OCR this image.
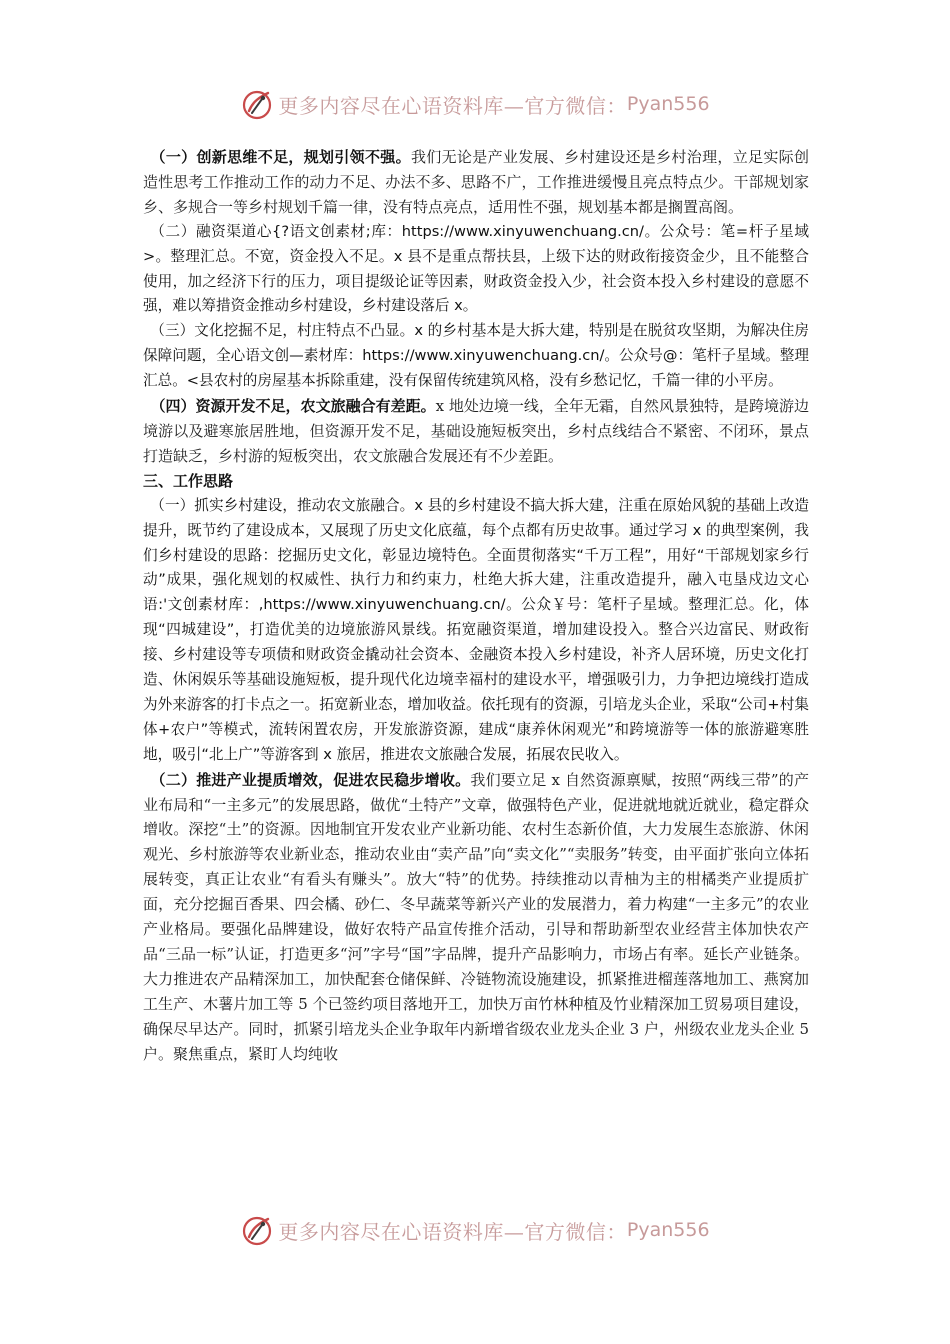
更多内容尽在心语资料库—官方微信： Pyan556

（一）创新思维不足，规划引领不强。我们无论是产业发展、乡村建设还是乡村治理，立足实际创造性思考工作推动工作的动力不足、办法不多、思路不广，工作推进缓慢且亮点特点少。干部规划家乡、多规合一等乡村规划千篇一律，没有特点亮点，适用性不强，规划基本都是搁置高阁。

（二）融资渠道心{?语文创素材;库：https://www.xinyuwenchuang.cn/。公众号：笔=杆子星域>。整理汇总。不宽，资金投入不足。x 县不是重点帮扶县，上级下达的财政衔接资金少，且不能整合使用，加之经济下行的压力，项目提级论证等因素，财政资金投入少，社会资本投入乡村建设的意愿不强，难以筹措资金推动乡村建设，乡村建设落后 x。

（三）文化挖掘不足，村庄特点不凸显。x 的乡村基本是大拆大建，特别是在脱贫攻坚期，为解决住房保障问题，全心语文创—素材库：https://www.xinyuwenchuang.cn/。公众号@：笔杆子星域。整理汇总。<县农村的房屋基本拆除重建，没有保留传统建筑风格，没有乡愁记忆，千篇一律的小平房。

（四）资源开发不足，农文旅融合有差距。x 地处边境一线，全年无霜，自然风景独特，是跨境游边境游以及避寒旅居胜地，但资源开发不足，基础设施短板突出，乡村点线结合不紧密、不闭环，景点打造缺乏，乡村游的短板突出，农文旅融合发展还有不少差距。

三、工作思路

（一）抓实乡村建设，推动农文旅融合。x 县的乡村建设不搞大拆大建，注重在原始风貌的基础上改造提升，既节约了建设成本，又展现了历史文化底蕴，每个点都有历史故事。通过学习 x 的典型案例，我们乡村建设的思路：挖掘历史文化，彰显边境特色。全面贯彻落实“千万工程”，用好“干部规划家乡行动”成果，强化规划的权威性、执行力和约束力，杜绝大拆大建，注重改造提升，融入屯垦戍边文心语:'文创素材库：,https://www.xinyuwenchuang.cn/。公众￥号：笔杆子星域。整理汇总。化，体现“四城建设”，打造优美的边境旅游风景线。拓宽融资渠道，增加建设投入。整合兴边富民、财政衔接、乡村建设等专项债和财政资金撬动社会资本、金融资本投入乡村建设，补齐人居环境，历史文化打造、休闲娱乐等基础设施短板，提升现代化边境幸福村的建设水平，增强吸引力，力争把边境线打造成为外来游客的打卡点之一。拓宽新业态，增加收益。依托现有的资源，引培龙头企业，采取“公司+村集体+农户”等模式，流转闲置农房，开发旅游资源，建成“康养休闲观光”和跨境游等一体的旅游避寒胜地，吸引“北上广”等游客到 x 旅居，推进农文旅融合发展，拓展农民收入。

（二）推进产业提质增效，促进农民稳步增收。我们要立足 x 自然资源禀赋，按照“两线三带”的产业布局和“一主多元”的发展思路，做优“土特产”文章，做强特色产业，促进就地就近就业，稳定群众增收。深挖“土”的资源。因地制宜开发农业产业新功能、农村生态新价值，大力发展生态旅游、休闲观光、乡村旅游等农业新业态，推动农业由“卖产品”向“卖文化”“卖服务”转变，由平面扩张向立体拓展转变，真正让农业“有看头有赚头”。放大“特”的优势。持续推动以青柚为主的柑橘类产业提质扩面，充分挖掘百香果、四会橘、砂仁、冬早蔬菜等新兴产业的发展潜力，着力构建“一主多元”的农业产业格局。要强化品牌建设，做好农特产品宣传推介活动，引导和帮助新型农业经营主体加快农产品“三品一标”认证，打造更多“河”字号“国”字品牌，提升产品影响力，市场占有率。延长产业链条。大力推进农产品精深加工，加快配套仓储保鲜、冷链物流设施建设，抓紧推进榴莲落地加工、燕窝加工生产、木薯片加工等 5 个已签约项目落地开工，加快万亩竹林种植及竹业精深加工贸易项目建设，确保尽早达产。同时，抓紧引培龙头企业争取年内新增省级农业龙头企业 3 户，州级农业龙头企业 5 户。聚焦重点，紧盯人均纯收

更多内容尽在心语资料库—官方微信： Pyan556
